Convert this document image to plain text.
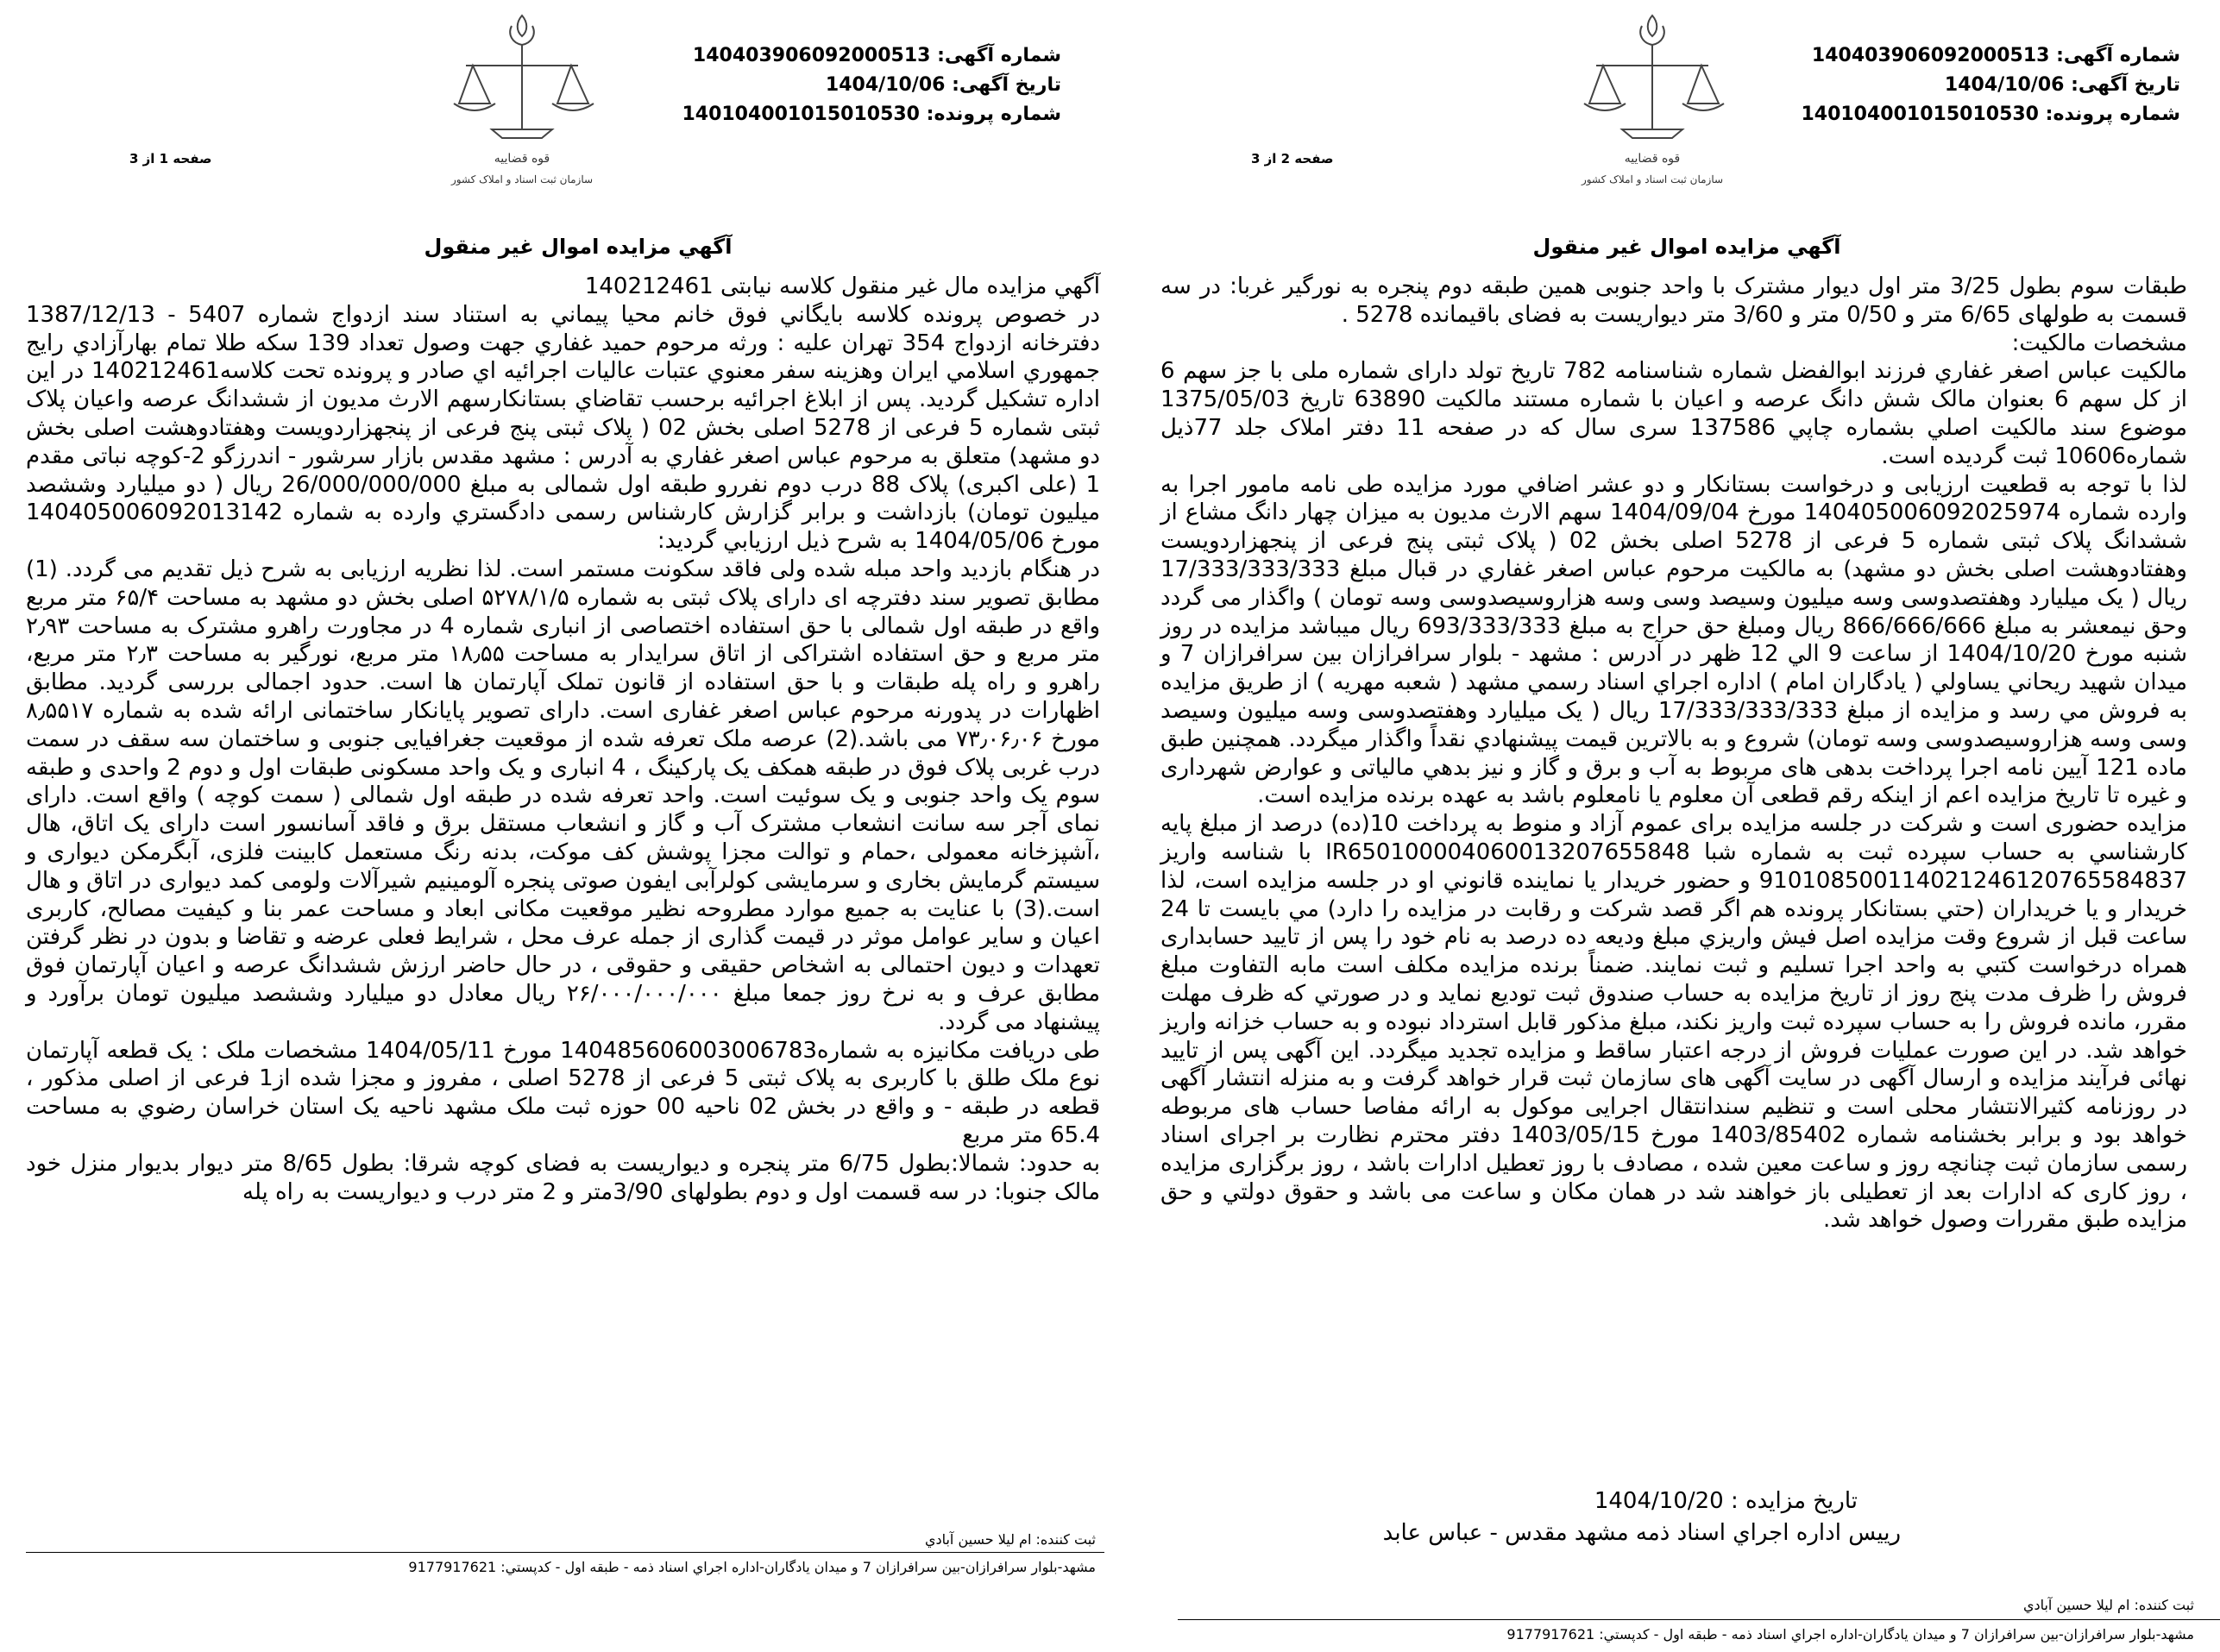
شماره آگهی: 140403906092000513
تاریخ آگهی: 1404/10/06
شماره پرونده: 140104001015010530
قوه قضاييه
سازمان ثبت اسناد و املاک کشور
صفحه 2 از 3
آگهي مزايده اموال غير منقول

طبقات سوم بطول 3/25 متر اول ديوار مشترک با واحد جنوبی همين طبقه دوم پنجره به نورگير غربا: در سه قسمت به طولهای 6/65 متر و 0/50 متر و 3/60 متر ديواريست به فضای باقيمانده 5278 .

مشخصات مالکیت:

مالكيت عباس اصغر غفاري فرزند ابوالفضل شماره شناسنامه 782 تاریخ تولد دارای شماره ملی با جز سهم 6 از کل سهم 6 بعنوان مالک شش دانگ عرصه و اعيان با شماره مستند مالکيت 63890 تاريخ 1375/05/03 موضوع سند مالکيت اصلي بشماره چاپي 137586 سری سال که در صفحه 11 دفتر املاک جلد 77ذيل شماره10606 ثبت گرديده است.

لذا با توجه به قطعيت ارزيابی و درخواست بستانكار و دو عشر اضافي مورد مزايده طی نامه مامور اجرا به وارده شماره 14040500609202597‌4 مورخ 1404/09/04 سهم الارث مديون به ميزان چهار دانگ مشاع از ششدانگ پلاک ثبتی شماره 5 فرعی از 5278 اصلی بخش 02 ( پلاک ثبتی پنج فرعی از پنجهزاردويست وهفتادوهشت اصلی بخش دو مشهد) به مالکيت مرحوم عباس اصغر غفاري در قبال مبلغ 17/333/333/333 ريال ( يک ميليارد وهفتصدوسی وسه ميليون وسيصد وسی وسه هزاروسيصدوسی وسه تومان ) واگذار می گردد وحق نيمعشر به مبلغ 866/666/666 ريال ومبلغ حق حراج به مبلغ 693/333/333 ريال ميباشد مزايده در روز شنبه مورخ 1404/10/20 از ساعت 9 الي 12 ظهر در آدرس : مشهد - بلوار سرافرازان بين سرافرازان 7 و ميدان شهيد ريحاني يساولي ( يادگاران امام ) اداره اجراي اسناد رسمي مشهد ( شعبه مهريه ) از طريق مزايده به فروش مي رسد و مزايده از مبلغ 17/333/333/333 ريال ( يک ميليارد وهفتصدوسی وسه ميليون وسيصد وسی وسه هزاروسيصدوسی وسه تومان) شروع و به بالاترين قيمت پيشنهادي نقداً واگذار ميگردد. همچنين طبق ماده 121 آيين نامه اجرا پرداخت بدهی های مربوط به آب و برق و گاز و نيز بدهي مالياتی و عوارض شهرداری و غيره تا تاريخ مزايده اعم از اينکه رقم قطعی آن معلوم يا نامعلوم باشد به عهده برنده مزايده است.

مزايده حضوری است و شرکت در جلسه مزايده برای عموم آزاد و منوط به پرداخت 10(ده) درصد از مبلغ پايه کارشناسي به حساب سپرده ثبت به شماره شبا IR650100004060013207655848 با شناسه واريز 910108500114021246120765584837 و حضور خريدار يا نماينده قانوني او در جلسه مزايده است، لذا خريدار و يا خريداران (حتي بستانکار پرونده هم اگر قصد شرکت و رقابت در مزايده را دارد) مي بايست تا 24 ساعت قبل از شروع وقت مزايده اصل فيش واريزي مبلغ وديعه ده درصد به نام خود را پس از تاييد حسابداری همراه درخواست کتبي به واحد اجرا تسليم و ثبت نمايند. ضمناً برنده مزايده مکلف است مابه التفاوت مبلغ فروش را ظرف مدت پنج روز از تاريخ مزايده به حساب صندوق ثبت توديع نمايد و در صورتي که ظرف مهلت مقرر، مانده فروش را به حساب سپرده ثبت واريز نکند، مبلغ مذکور قابل استرداد نبوده و به حساب خزانه واريز خواهد شد. در اين صورت عمليات فروش از درجه اعتبار ساقط و مزايده تجديد ميگردد. اين آگهی پس از تاييد نهائی فرآيند مزايده و ارسال آگهی در سايت آگهی های سازمان ثبت قرار خواهد گرفت و به منزله انتشار آگهی در روزنامه کثيرالانتشار محلی است و تنظيم سندانتقال اجرايی موکول به ارائه مفاصا حساب های مربوطه خواهد بود و برابر بخشنامه شماره 1403/85402 مورخ 1403/05/15 دفتر محترم نظارت بر اجرای اسناد رسمی سازمان ثبت چنانچه روز و ساعت معين شده ، مصادف با روز تعطيل ادارات باشد ، روز برگزاری مزايده ، روز کاری که ادارات بعد از تعطيلی باز خواهند شد در همان مکان و ساعت می باشد و حقوق دولتي و حق مزايده طبق مقررات وصول خواهد شد.

تاريخ مزايده : 1404/10/20
رييس اداره اجراي اسناد ذمه مشهد مقدس - عباس عابد
ثبت کننده: ام ليلا حسين آبادي
مشهد-بلوار سرافرازان-بين سرافرازان 7 و ميدان يادگاران-اداره اجراي اسناد ذمه - طبقه اول - کدپستي: 9177917621
شماره آگهی: 140403906092000513
تاریخ آگهی: 1404/10/06
شماره پرونده: 140104001015010530
قوه قضاييه
سازمان ثبت اسناد و املاک کشور
صفحه 1 از 3
آگهي مزايده اموال غير منقول

آگهي مزايده مال غير منقول کلاسه نيابتی 140212461

در خصوص پرونده کلاسه بايگاني فوق خانم محيا پيماني به استناد سند ازدواج شماره 5407 - 1387/12/13 دفترخانه ازدواج 354 تهران عليه : ورثه مرحوم حميد غفاري جهت وصول تعداد 139 سکه طلا تمام بهارآزادي رايج جمهوري اسلامي ايران وهزينه سفر معنوي عتبات عاليات اجرائيه اي صادر و پرونده تحت کلاسه140212461 در اين اداره تشکيل گرديد. پس از ابلاغ اجرائيه برحسب تقاضاي بستانکارسهم الارث مديون از ششدانگ عرصه واعيان پلاک ثبتی شماره 5 فرعی از 5278 اصلی بخش 02 ( پلاک ثبتی پنج فرعی از پنجهزاردويست وهفتادوهشت اصلی بخش دو مشهد) متعلق به مرحوم عباس اصغر غفاري به آدرس : مشهد مقدس بازار سرشور - اندرزگو 2-کوچه نباتی مقدم 1 (علی اکبری) پلاک 88 درب دوم نفررو طبقه اول شمالی به مبلغ 26/000/000/000 ريال ( دو ميليارد وششصد ميليون تومان) بازداشت و برابر گزارش کارشناس رسمی دادگستري وارده به شماره 14040500609201314‌2 مورخ 1404/05/06 به شرح ذيل ارزيابي گرديد:

در هنگام بازديد واحد مبله شده ولی فاقد سکونت مستمر است. لذا نظريه ارزيابی به شرح ذيل تقديم می گردد. (1) مطابق تصوير سند دفترچه ای دارای پلاک ثبتی به شماره ۵۲۷۸/۱/۵ اصلی بخش دو مشهد به مساحت ۶۵/۴ متر مربع واقع در طبقه اول شمالی با حق استفاده اختصاصی از انباری شماره 4 در مجاورت راهرو مشترک به مساحت ۲٫۹۳ متر مربع و حق استفاده اشتراکی از اتاق سرايدار به مساحت ۱۸٫۵۵ متر مربع، نورگير به مساحت ۲٫۳ متر مربع، راهرو و راه پله طبقات و با حق استفاده از قانون تملک آپارتمان ها است. حدود اجمالی بررسی گرديد. مطابق اظهارات در پدورنه مرحوم عباس اصغر غفاری است. دارای تصوير پايانکار ساختمانی ارائه شده به شماره ۸٫۵۵۱۷ مورخ ۷۳٫۰۶٫۰۶ می باشد.(2) عرصه ملک تعرفه شده از موقعيت جغرافيايی جنوبی و ساختمان سه سقف در سمت درب غربی پلاک فوق در طبقه همکف يک پارکينگ ، 4 انباری و يک واحد مسکونی طبقات اول و دوم 2 واحدی و طبقه سوم يک واحد جنوبی و يک سوئيت است. واحد تعرفه شده در طبقه اول شمالی ( سمت کوچه ) واقع است. دارای نمای آجر سه سانت انشعاب مشترک آب و گاز و انشعاب مستقل برق و فاقد آسانسور است دارای يک اتاق، هال ،آشپزخانه معمولی ،حمام و توالت مجزا پوشش کف موکت، بدنه رنگ مستعمل کابينت فلزی، آبگرمکن ديواری و سيستم گرمايش بخاری و سرمايشی کولرآبی ايفون صوتی پنجره آلومينيم شيرآلات ولومی کمد ديواری در اتاق و هال است.(3) با عنايت به جميع موارد مطروحه نظير موقعيت مکانی ابعاد و مساحت عمر بنا و کيفيت مصالح، کاربری اعيان و ساير عوامل موثر در قيمت گذاری از جمله عرف محل ، شرايط فعلی عرضه و تقاضا و بدون در نظر گرفتن تعهدات و ديون احتمالی به اشخاص حقيقی و حقوقی ، در حال حاضر ارزش ششدانگ عرصه و اعيان آپارتمان فوق مطابق عرف و به نرخ روز جمعا مبلغ ۲۶/۰۰۰/۰۰۰/۰۰۰ ريال معادل دو ميليارد وششصد ميليون تومان برآورد و پيشنهاد می گردد.

طی دريافت مکانيزه به شماره14048560600300678‌3 مورخ 1404/05/11 مشخصات ملک : يک قطعه آپارتمان نوع ملک طلق با کاربری به پلاک ثبتی 5 فرعی از 5278 اصلی ، مفروز و مجزا شده از1 فرعی از اصلی مذکور ، قطعه در طبقه - و واقع در بخش 02 ناحيه 00 حوزه ثبت ملک مشهد ناحيه يک استان خراسان رضوي به مساحت 65.4 متر مربع

به حدود: شمالا:بطول 6/75 متر پنجره و ديواريست به فضای کوچه شرقا: بطول 8/65 متر ديوار بديوار منزل خود مالک جنوبا: در سه قسمت اول و دوم بطولهای 3/90متر و 2 متر درب و ديواريست به راه پله

ثبت کننده: ام ليلا حسين آبادي
مشهد-بلوار سرافرازان-بين سرافرازان 7 و ميدان يادگاران-اداره اجراي اسناد ذمه - طبقه اول - کدپستي: 9177917621
